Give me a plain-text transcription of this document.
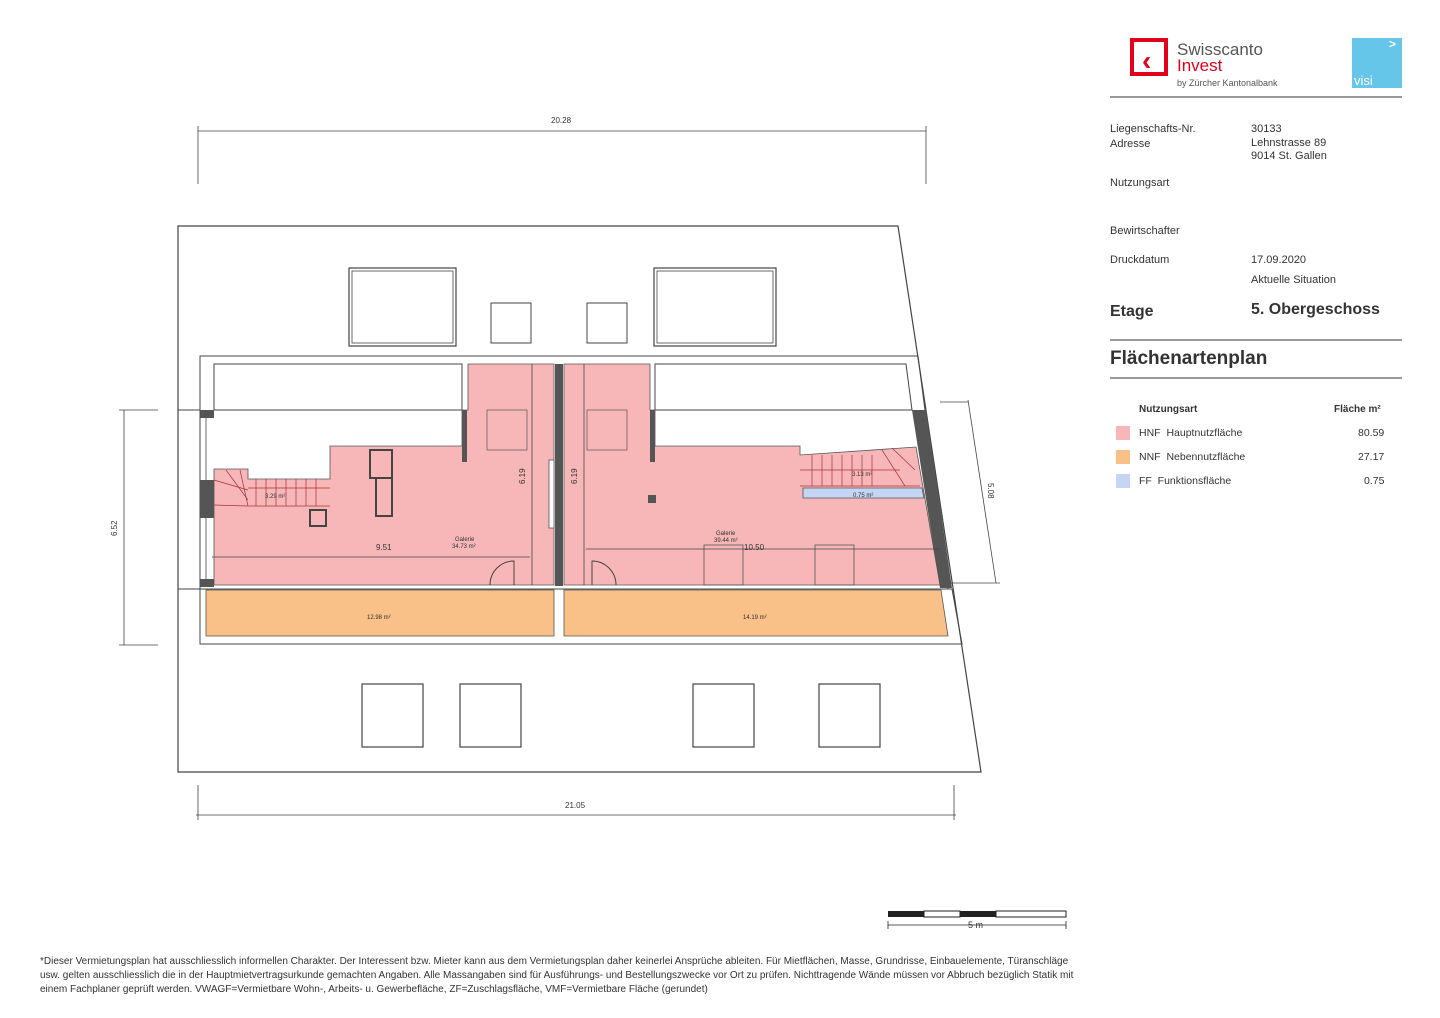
20.28
21.05
6.52
5.08
6.19	6.19
9.51	10.50
Galerie
34.73 m²
Galerie
39.44 m²
3.29 m²
3.13 m²
0.75 m²
12.98 m²	14.19 m²
5 m
‹ Swisscanto
Invest
by Zürcher Kantonalbank
>
visi
Liegenschafts-Nr.	30133
Adresse	Lehnstrasse 89
9014 St. Gallen
Nutzungsart
Bewirtschafter
Druckdatum	17.09.2020
Aktuelle Situation
Etage	5. Obergeschoss
Flächenartenplan
Nutzungsart	Fläche m²
HNF Hauptnutzfläche	80.59
NNF Nebennutzfläche	27.17
FF Funktionsfläche	0.75
*Dieser Vermietungsplan hat ausschliesslich informellen Charakter. Der Interessent bzw. Mieter kann aus dem Vermietungsplan daher keinerlei Ansprüche ableiten. Für Mietflächen, Masse, Grundrisse, Einbauelemente, Türanschläge usw. gelten ausschliesslich die in der Hauptmietvertragsurkunde gemachten Angaben. Alle Massangaben sind für Ausführungs- und Bestellungszwecke vor Ort zu prüfen. Nichttragende Wände müssen vor Abbruch bezüglich Statik mit einem Fachplaner geprüft werden. VWAGF=Vermietbare Wohn-, Arbeits- u. Gewerbefläche, ZF=Zuschlagsfläche, VMF=Vermietbare Fläche (gerundet)
